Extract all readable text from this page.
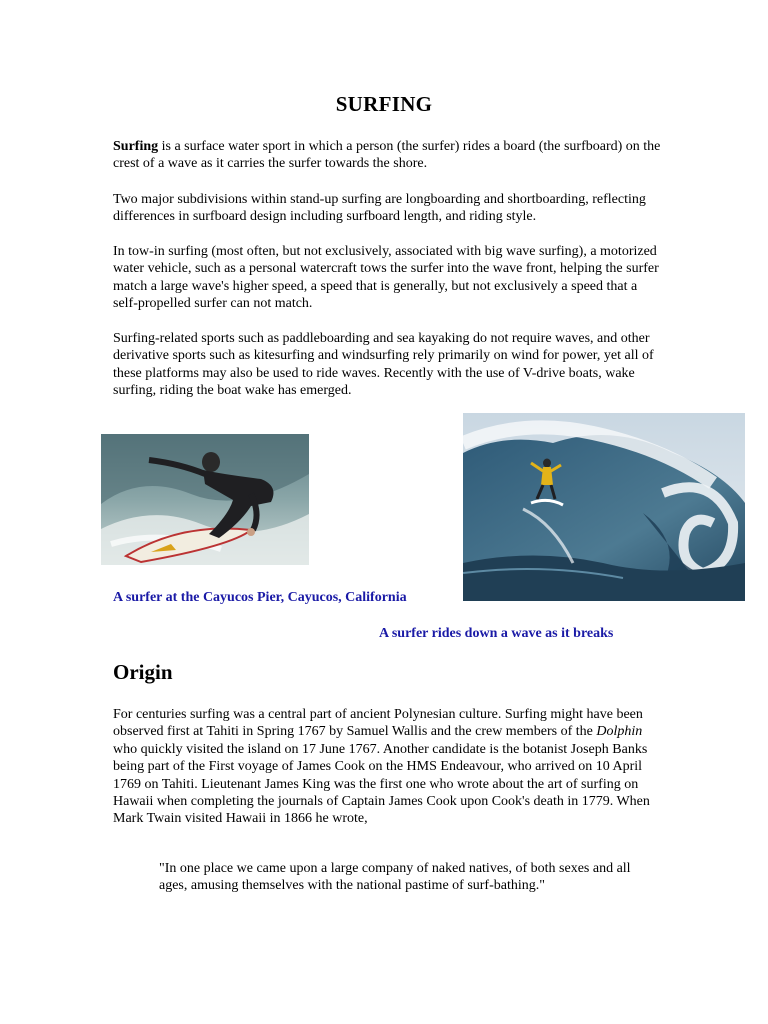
SURFING

Surfing is a surface water sport in which a person (the surfer) rides a board (the surfboard) on the crest of a wave as it carries the surfer towards the shore.

Two major subdivisions within stand-up surfing are longboarding and shortboarding, reflecting differences in surfboard design including surfboard length, and riding style.

In tow-in surfing (most often, but not exclusively, associated with big wave surfing), a motorized water vehicle, such as a personal watercraft tows the surfer into the wave front, helping the surfer match a large wave's higher speed, a speed that is generally, but not exclusively a speed that a self-propelled surfer can not match.

Surfing-related sports such as paddleboarding and sea kayaking do not require waves, and other derivative sports such as kitesurfing and windsurfing rely primarily on wind for power, yet all of these platforms may also be used to ride waves. Recently with the use of V-drive boats, wake surfing, riding the boat wake has emerged.

A surfer at the Cayucos Pier, Cayucos, California

A surfer rides down a wave as it breaks

Origin

For centuries surfing was a central part of ancient Polynesian culture. Surfing might have been observed first at Tahiti in Spring 1767 by Samuel Wallis and the crew members of the Dolphin who quickly visited the island on 17 June 1767. Another candidate is the botanist Joseph Banks being part of the First voyage of James Cook on the HMS Endeavour, who arrived on 10 April 1769 on Tahiti. Lieutenant James King was the first one who wrote about the art of surfing on Hawaii when completing the journals of Captain James Cook upon Cook's death in 1779. When Mark Twain visited Hawaii in 1866 he wrote,

"In one place we came upon a large company of naked natives, of both sexes and all ages, amusing themselves with the national pastime of surf-bathing."
